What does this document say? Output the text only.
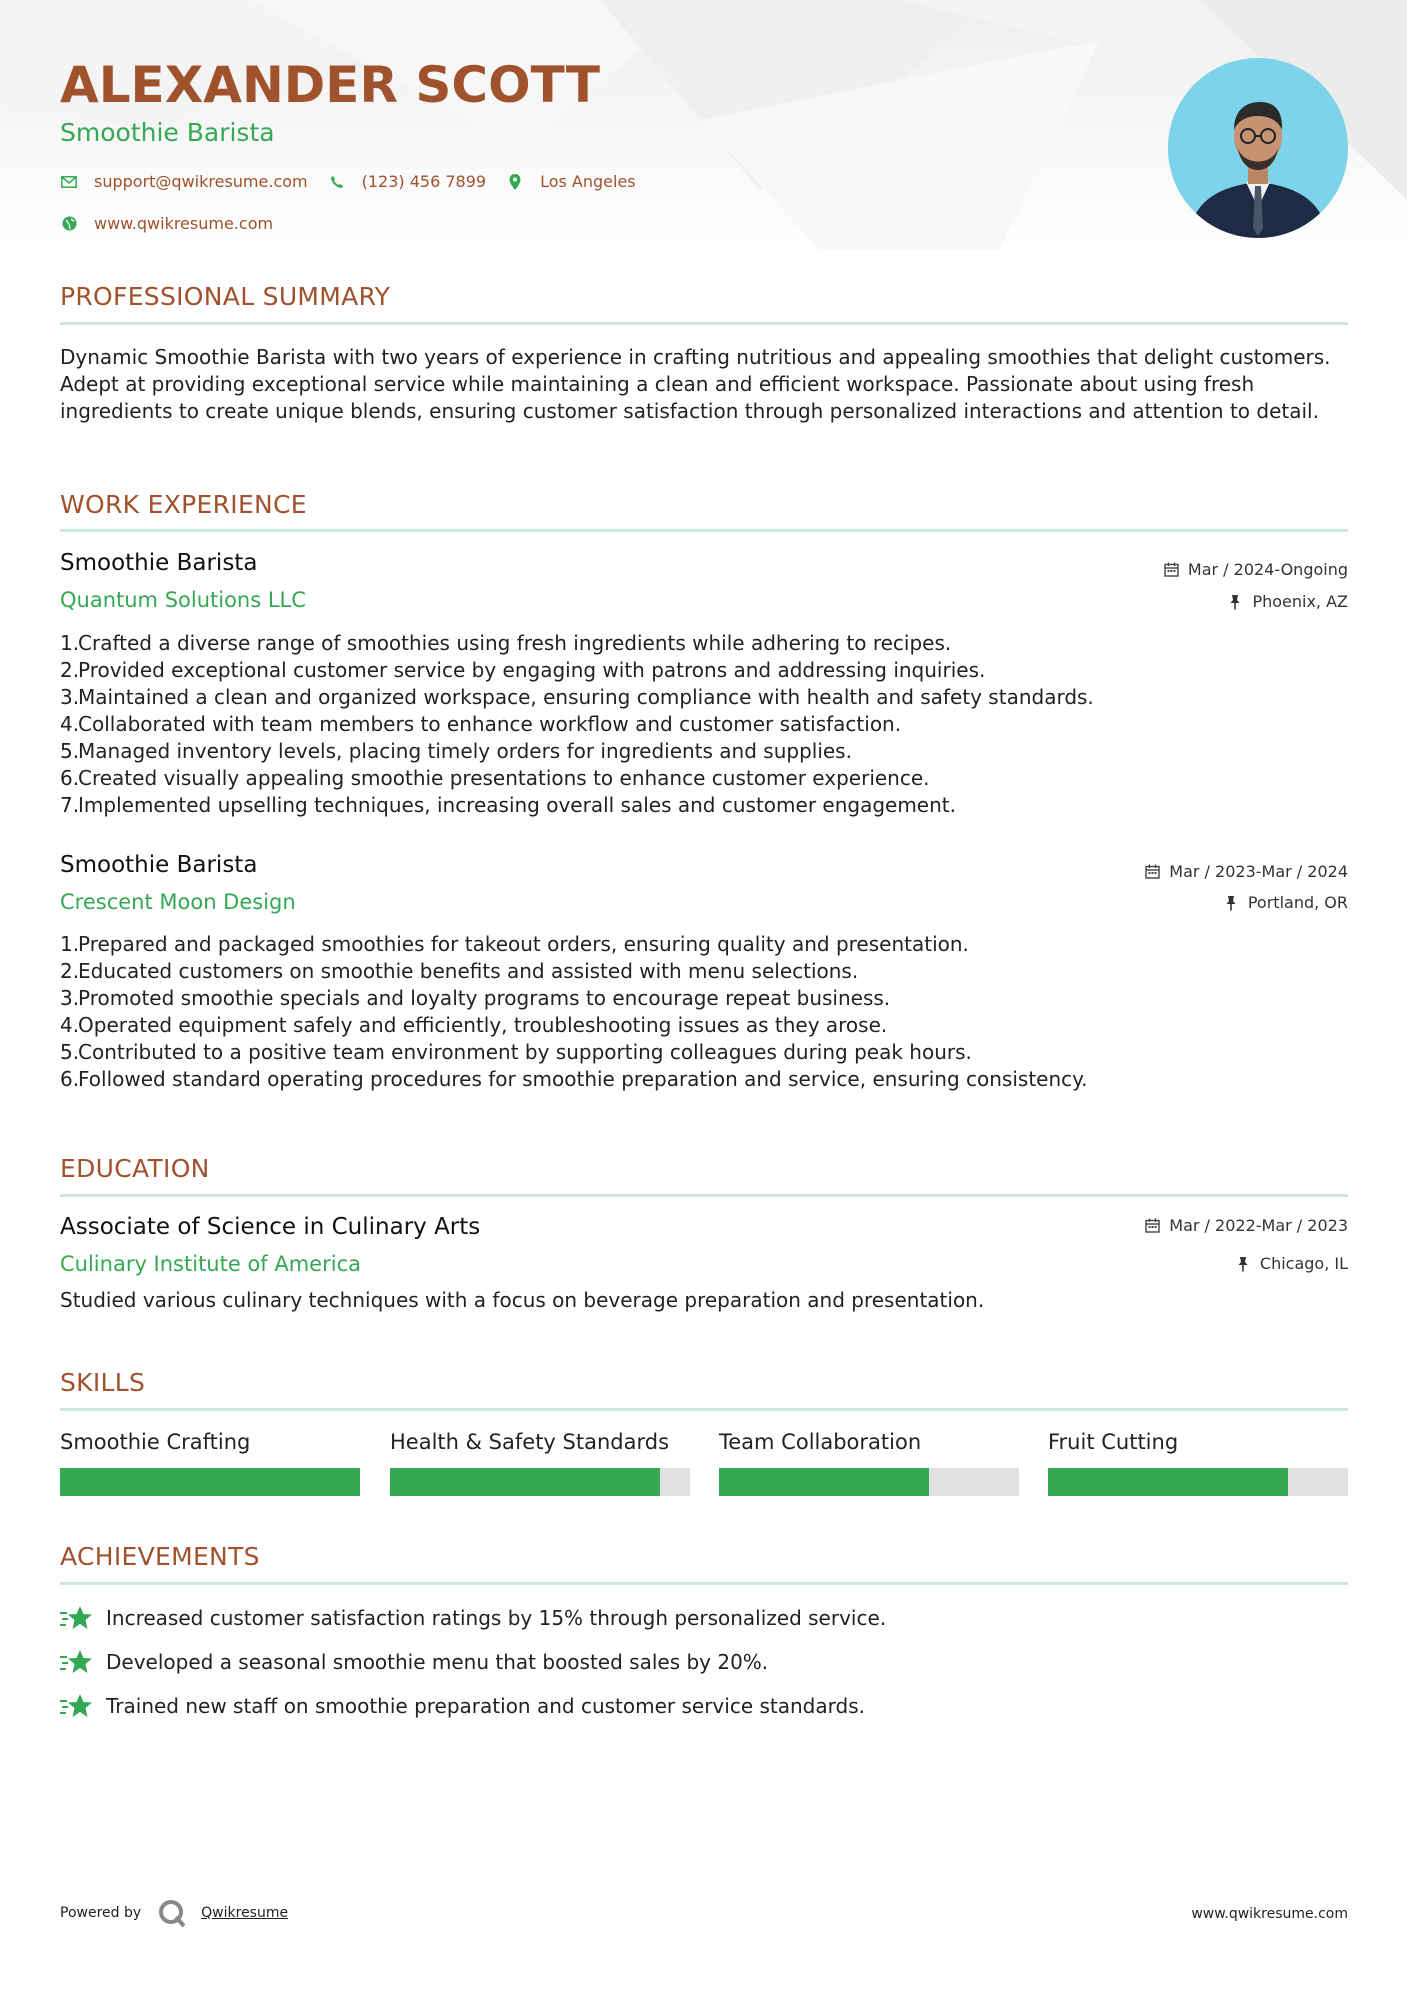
ALEXANDER SCOTT
Smoothie Barista
support@qwikresume.com	(123) 456 7899	Los Angeles
www.qwikresume.com
PROFESSIONAL SUMMARY

Dynamic Smoothie Barista with two years of experience in crafting nutritious and appealing smoothies that delight customers. Adept at providing exceptional service while maintaining a clean and efficient workspace. Passionate about using fresh ingredients to create unique blends, ensuring customer satisfaction through personalized interactions and attention to detail.

WORK EXPERIENCE
Smoothie Barista
Quantum Solutions LLC
Mar / 2024-Ongoing
Phoenix, AZ
1.
Crafted a diverse range of smoothies using fresh ingredients while adhering to recipes.
2.
Provided exceptional customer service by engaging with patrons and addressing inquiries.
3.
Maintained a clean and organized workspace, ensuring compliance with health and safety standards.
4.
Collaborated with team members to enhance workflow and customer satisfaction.
5.
Managed inventory levels, placing timely orders for ingredients and supplies.
6.
Created visually appealing smoothie presentations to enhance customer experience.
7.
Implemented upselling techniques, increasing overall sales and customer engagement.
Smoothie Barista
Crescent Moon Design
Mar / 2023-Mar / 2024
Portland, OR
1.
Prepared and packaged smoothies for takeout orders, ensuring quality and presentation.
2.
Educated customers on smoothie benefits and assisted with menu selections.
3.
Promoted smoothie specials and loyalty programs to encourage repeat business.
4.
Operated equipment safely and efficiently, troubleshooting issues as they arose.
5.
Contributed to a positive team environment by supporting colleagues during peak hours.
6.
Followed standard operating procedures for smoothie preparation and service, ensuring consistency.
EDUCATION
Associate of Science in Culinary Arts
Culinary Institute of America
Mar / 2022-Mar / 2023
Chicago, IL

Studied various culinary techniques with a focus on beverage preparation and presentation.

SKILLS
Smoothie Crafting	Health & Safety Standards	Team Collaboration	Fruit Cutting
ACHIEVEMENTS
Increased customer satisfaction ratings by 15% through personalized service.
Developed a seasonal smoothie menu that boosted sales by 20%.
Trained new staff on smoothie preparation and customer service standards.
Powered by	Qwikresume	www.qwikresume.com
